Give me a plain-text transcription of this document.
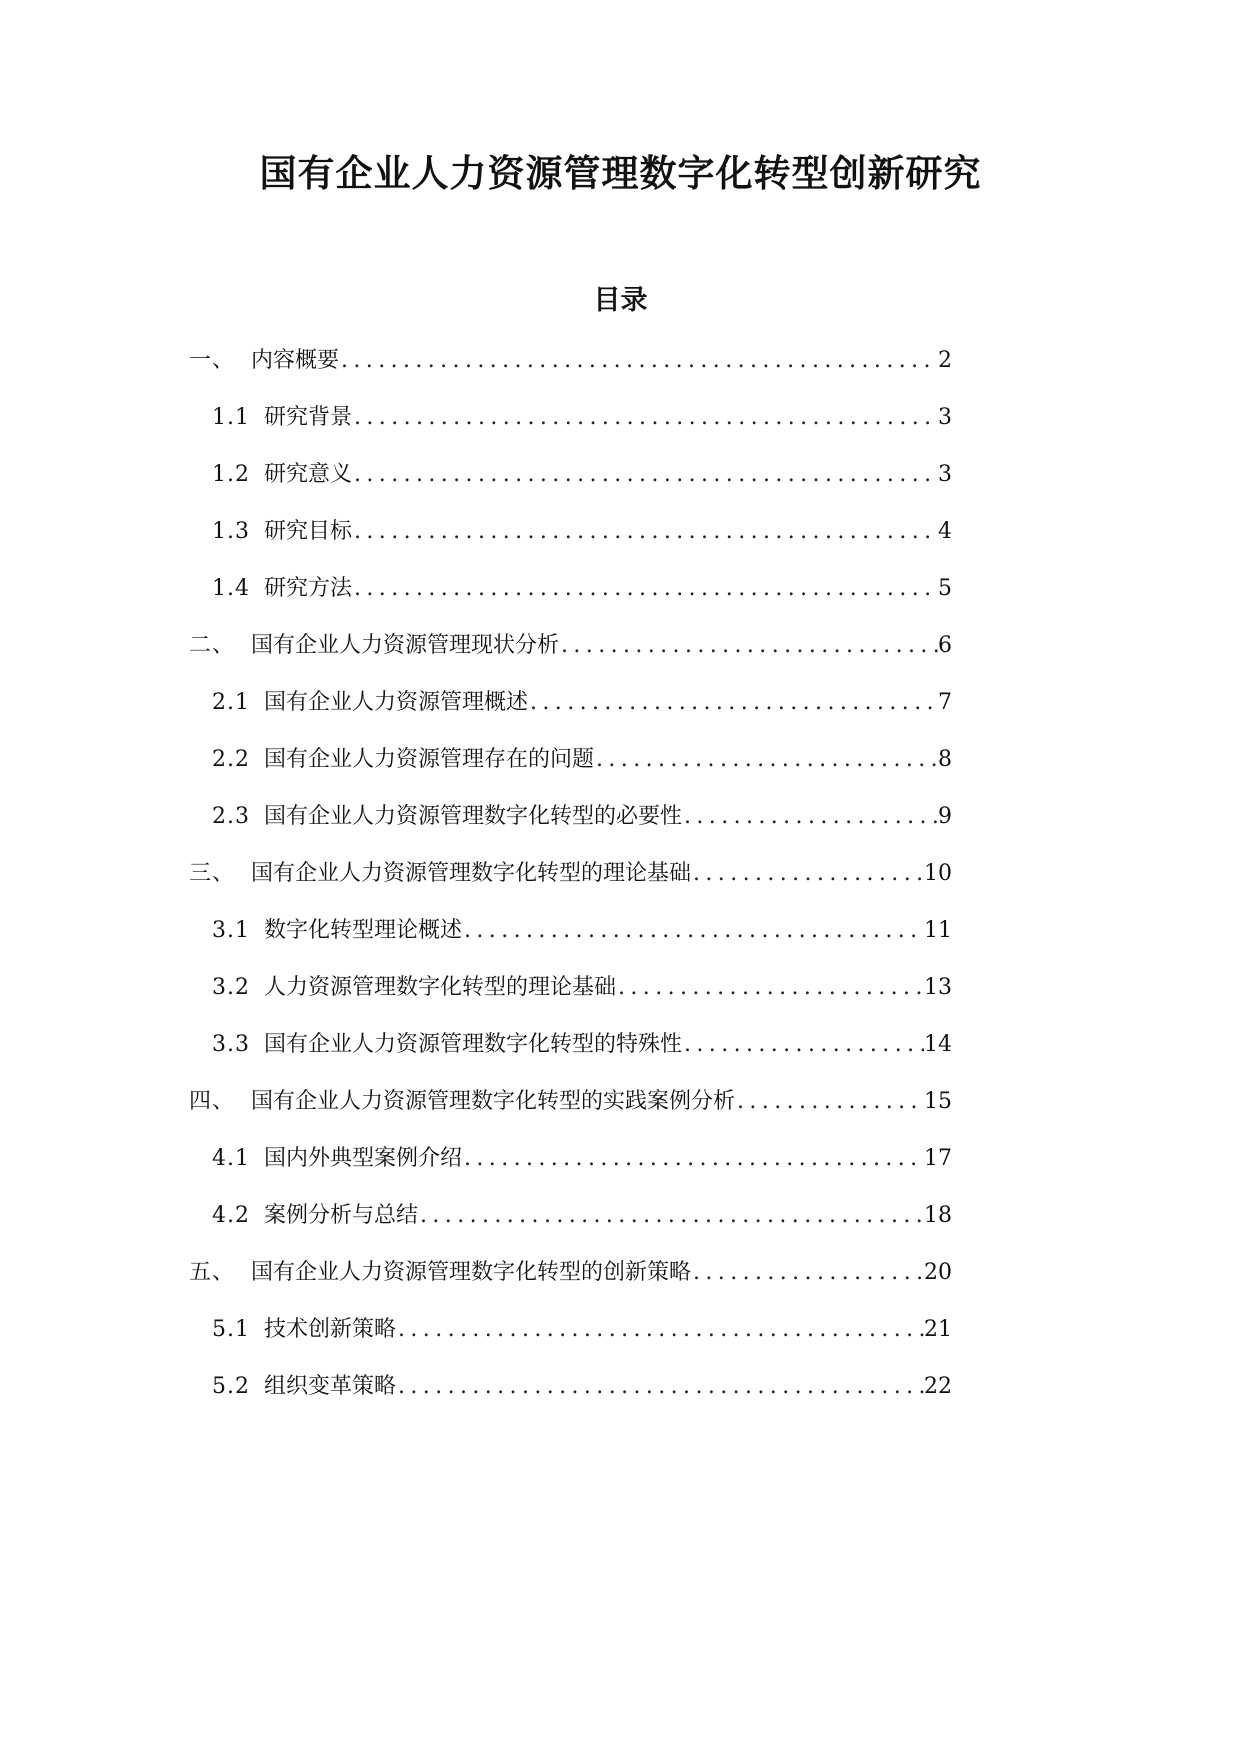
国有企业人力资源管理数字化转型创新研究
目录
一、 内容概要 .....	2
1.1 研究背景 .....	3
1.2 研究意义 .....	3
1.3 研究目标 .....	4
1.4 研究方法 .....	5
二、 国有企业人力资源管理现状分析 .....	6
2.1 国有企业人力资源管理概述 .....	7
2.2 国有企业人力资源管理存在的问题 .....	8
2.3 国有企业人力资源管理数字化转型的必要性 .....	9
三、 国有企业人力资源管理数字化转型的理论基础 .....	10
3.1 数字化转型理论概述 .....	11
3.2 人力资源管理数字化转型的理论基础 .....	13
3.3 国有企业人力资源管理数字化转型的特殊性 .....	14
四、 国有企业人力资源管理数字化转型的实践案例分析 .....	15
4.1 国内外典型案例介绍 .....	17
4.2 案例分析与总结 .....	18
五、 国有企业人力资源管理数字化转型的创新策略 .....	20
5.1 技术创新策略 .....	21
5.2 组织变革策略 .....	22
